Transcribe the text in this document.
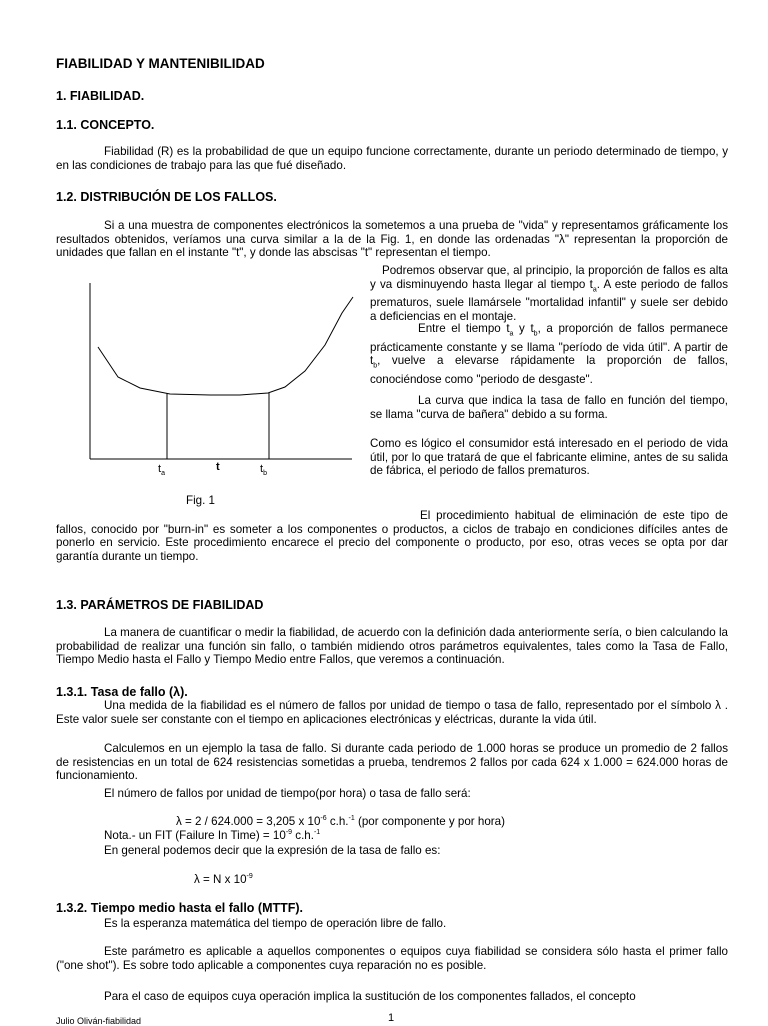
FIABILIDAD Y MANTENIBILIDAD
1. FIABILIDAD.
1.1. CONCEPTO.
Fiabilidad (R) es la probabilidad de que un equipo funcione correctamente, durante un periodo determinado de tiempo, y en las condiciones de trabajo para las que fué diseñado.
1.2. DISTRIBUCIÓN DE LOS FALLOS.
Si a una muestra de componentes electrónicos la sometemos a una prueba de "vida" y representamos gráficamente los resultados obtenidos, veríamos una curva similar a la de la Fig. 1, en donde las ordenadas "λ" representan la proporción de unidades que fallan en el instante "t", y donde las abscisas "t" representan el tiempo.
$t_a$
t	$t_b$
Fig. 1
Podremos observar que, al principio, la proporción de fallos es alta y va disminuyendo hasta llegar al tiempo $t_a$. A este periodo de fallos prematuros, suele llamársele "mortalidad infantil" y suele ser debido a deficiencias en el montaje.
Entre el tiempo $t_a$ y $t_b$, a proporción de fallos permanece prácticamente constante y se llama "período de vida útil". A partir de $t_b$, vuelve a elevarse rápidamente la proporción de fallos, conociéndose como "periodo de desgaste".
La curva que indica la tasa de fallo en función del tiempo, se llama "curva de bañera" debido a su forma.
Como es lógico el consumidor está interesado en el periodo de vida útil, por lo que tratará de que el fabricante elimine, antes de su salida de fábrica, el periodo de fallos prematuros.
El procedimiento habitual de eliminación de este tipo de fallos, conocido por "burn-in" es someter a los componentes o productos, a ciclos de trabajo en condiciones difíciles antes de ponerlo en servicio. Este procedimiento encarece el precio del componente o producto, por eso, otras veces se opta por dar garantía durante un tiempo.
1.3. PARÁMETROS DE FIABILIDAD
La manera de cuantificar o medir la fiabilidad, de acuerdo con la definición dada anteriormente sería, o bien calculando la probabilidad de realizar una función sin fallo, o también midiendo otros parámetros equivalentes, tales como la Tasa de Fallo, Tiempo Medio hasta el Fallo y Tiempo Medio entre Fallos, que veremos a continuación.
1.3.1. Tasa de fallo (λ).
Una medida de la fiabilidad es el número de fallos por unidad de tiempo o tasa de fallo, representado por el símbolo λ . Este valor suele ser constante con el tiempo en aplicaciones electrónicas y eléctricas, durante la vida útil.
Calculemos en un ejemplo la tasa de fallo. Si durante cada periodo de 1.000 horas se produce un promedio de 2 fallos de resistencias en un total de 624 resistencias sometidas a prueba, tendremos 2 fallos por cada 624 x 1.000 = 624.000 horas de funcionamiento.
El número de fallos por unidad de tiempo(por hora) o tasa de fallo será:
λ = 2 / 624.000 = 3,205 x $10^{-6}$ c.h.$^{-1}$ (por componente y por hora)
Nota.- un FIT (Failure In Time) = $10^{-9}$ c.h.$^{-1}$
En general podemos decir que la expresión de la tasa de fallo es:
λ = N x $10^{-9}$
1.3.2. Tiempo medio hasta el fallo (MTTF).
Es la esperanza matemática del tiempo de operación libre de fallo.
Este parámetro es aplicable a aquellos componentes o equipos cuya fiabilidad se considera sólo hasta el primer fallo ("one shot"). Es sobre todo aplicable a componentes cuya reparación no es posible.
Para el caso de equipos cuya operación implica la sustitución de los componentes fallados, el concepto
Julio Oliván-fiabilidad	1
